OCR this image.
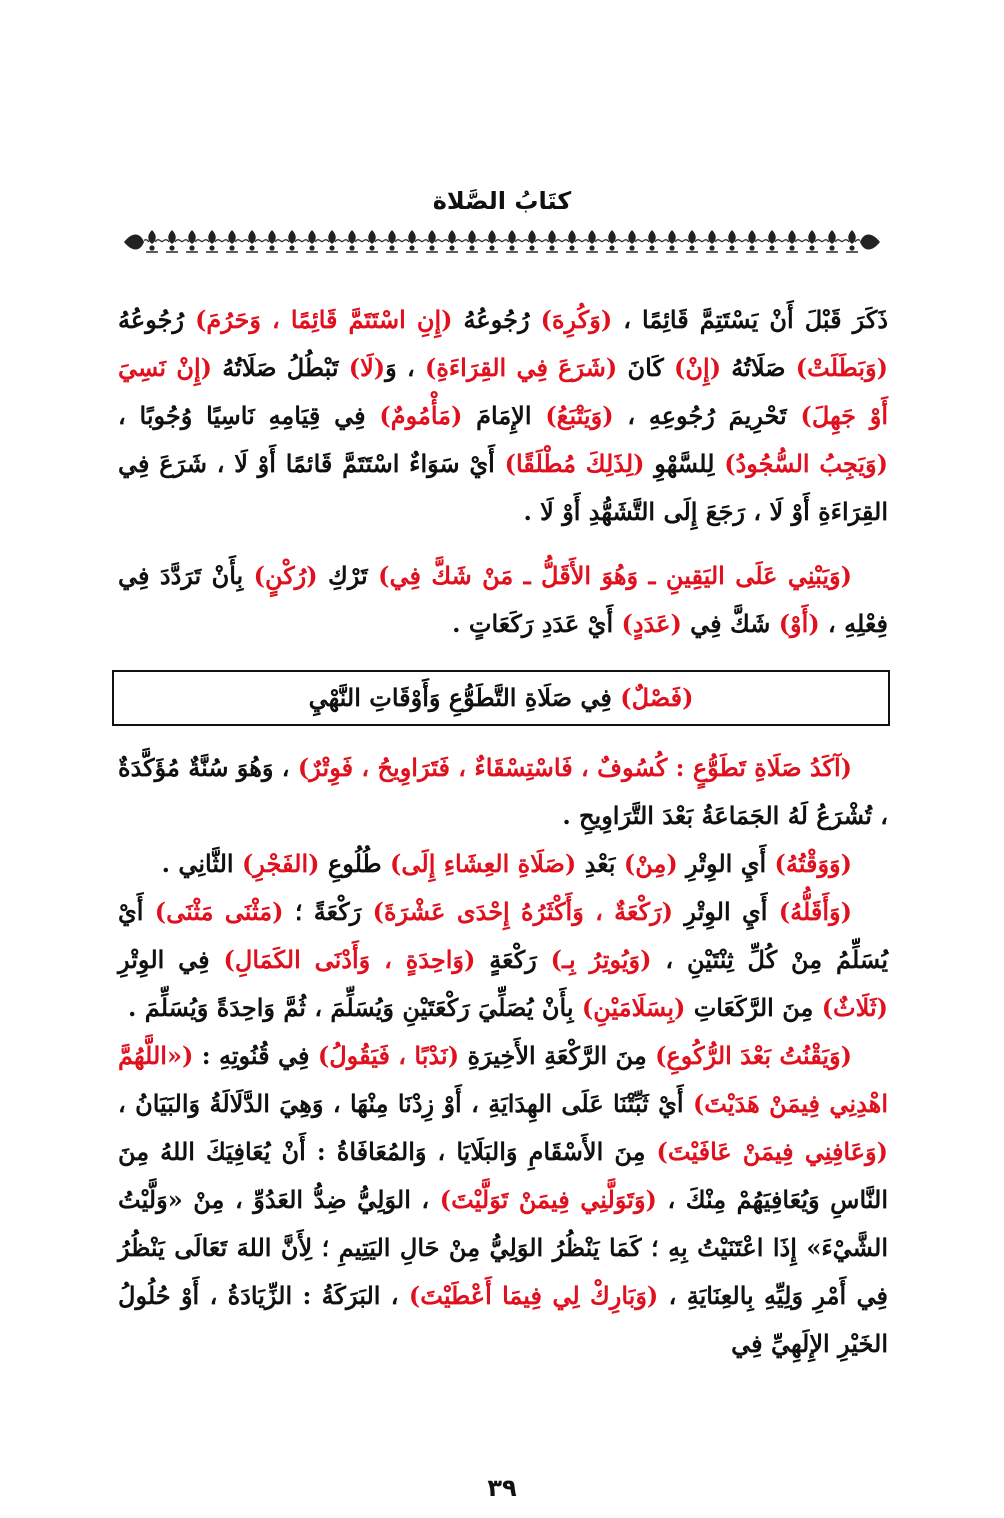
كتَابُ الصَّلاة

ذَكَرَ قَبْلَ أَنْ يَسْتَتِمَّ قَائِمًا ، (وَكُرِهَ) رُجُوعُهُ (إِنِ اسْتَتَمَّ قَائِمًا ، وَحَرُمَ) رُجُوعُهُ (وَبَطَلَتْ) صَلَاتُهُ (إِنْ) كَانَ (شَرَعَ فِي القِرَاءَةِ) ، وَ(لَا) تَبْطُلُ صَلَاتُهُ (إِنْ نَسِيَ أَوْ جَهِلَ) تَحْرِيمَ رُجُوعِهِ ، (وَيَتْبَعُ) الإِمَامَ (مَأْمُومٌ) فِي قِيَامِهِ نَاسِيًا وُجُوبًا ، (وَيَجِبُ السُّجُودُ) لِلسَّهْوِ (لِذَلِكَ مُطْلَقًا) أَيْ سَوَاءٌ اسْتَتَمَّ قَائمًا أَوْ لَا ، شَرَعَ فِي القِرَاءَةِ أَوْ لَا ، رَجَعَ إِلَى التَّشَهُّدِ أَوْ لَا .

(وَيَبْنِي عَلَى اليَقِينِ ـ وَهُوَ الأَقَلُّ ـ مَنْ شَكَّ فِي) تَرْكِ (رُكْنٍ) بِأَنْ تَرَدَّدَ فِي فِعْلِهِ ، (أَوْ) شَكَّ فِي (عَدَدٍ) أَيْ عَدَدِ رَكَعَاتٍ .

(فَصْلٌ) فِي صَلَاةِ التَّطَوُّعِ وَأَوْقَاتِ النَّهْيِ

(آكَدُ صَلَاةِ تَطَوُّعٍ : كُسُوفٌ ، فَاسْتِسْقَاءٌ ، فَتَرَاوِيحُ ، فَوِتْرٌ) ، وَهُوَ سُنَّةٌ مُؤَكَّدَةٌ ، تُشْرَعُ لَهُ الجَمَاعَةُ بَعْدَ التَّرَاوِيحِ .

(وَوَقْتُهُ) أَيِ الوِتْرِ (مِنْ) بَعْدِ (صَلَاةِ العِشَاءِ إِلَى) طُلُوعِ (الفَجْرِ) الثَّانِي .

(وَأَقَلُّهُ) أَيِ الوِتْرِ (رَكْعَةٌ ، وَأَكْثَرُهُ إِحْدَى عَشْرَةَ) رَكْعَةً ؛ (مَثْنَى مَثْنَى) أَيْ يُسَلِّمُ مِنْ كُلِّ ثِنْتَيْنِ ، (وَيُوتِرُ بِـ) رَكْعَةٍ (وَاحِدَةٍ ، وَأَدْنَى الكَمَالِ) فِي الوِتْرِ (ثَلَاثٌ) مِنَ الرَّكَعَاتِ (بِسَلَامَيْنِ) بِأَنْ يُصَلِّيَ رَكْعَتَيْنِ وَيُسَلِّمَ ، ثُمَّ وَاحِدَةً وَيُسَلِّمَ .

(وَيَقْنُتُ بَعْدَ الرُّكُوعِ) مِنَ الرَّكْعَةِ الأَخِيرَةِ (نَدْبًا ، فَيَقُولُ) فِي قُنُوتِهِ : («اللَّهُمَّ اهْدِنِي فِيمَنْ هَدَيْتَ) أَيْ ثَبِّتْنَا عَلَى الهِدَايَةِ ، أَوْ زِدْنَا مِنْهَا ، وَهِيَ الدَّلَالَةُ وَالبَيَانُ ، (وَعَافِنِي فِيمَنْ عَافَيْتَ) مِنَ الأَسْقَامِ وَالبَلَايَا ، وَالمُعَافَاةُ : أَنْ يُعَافِيَكَ اللهُ مِنَ النَّاسِ وَيُعَافِيَهُمْ مِنْكَ ، (وَتَوَلَّنِي فِيمَنْ تَوَلَّيْتَ) ، الوَلِيُّ ضِدُّ العَدُوِّ ، مِنْ «وَلَّيْتُ الشَّيْءَ» إِذَا اعْتَنَيْتُ بِهِ ؛ كَمَا يَنْظُرُ الوَلِيُّ مِنْ حَالِ اليَتِيمِ ؛ لِأَنَّ اللهَ تَعَالَى يَنْظُرُ فِي أَمْرِ وَلِيِّهِ بِالعِنَايَةِ ، (وَبَارِكْ لِي فِيمَا أَعْطَيْتَ) ، البَرَكَةُ : الزِّيَادَةُ ، أَوْ حُلُولُ الخَيْرِ الإِلَهِيِّ فِي

٣٩
